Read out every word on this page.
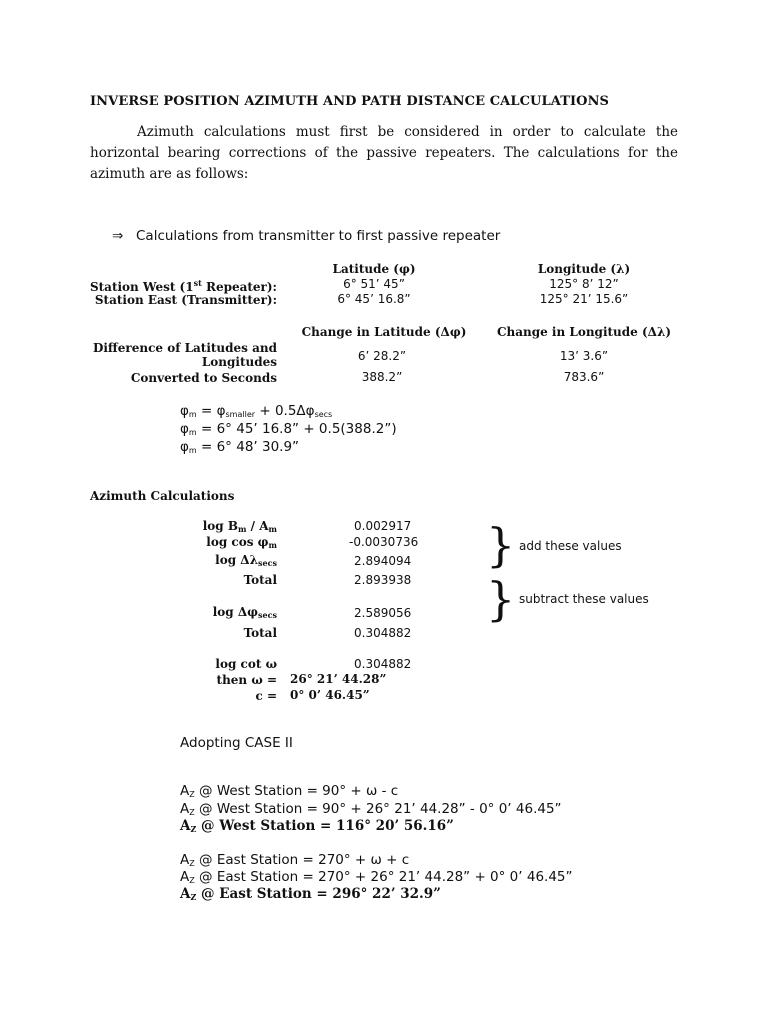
INVERSE POSITION AZIMUTH AND PATH DISTANCE CALCULATIONS
Azimuth calculations must first be considered in order to calculate the horizontal bearing corrections of the passive repeaters. The calculations for the azimuth are as follows:
⇒ Calculations from transmitter to first passive repeater
Latitude (φ)	Longitude (λ)
Station West (1st Repeater):	6° 51’ 45”	125° 8’ 12”
Station East (Transmitter):	6° 45’ 16.8”	125° 21’ 15.6”
Change in Latitude (Δφ)	Change in Longitude (Δλ)
Difference of Latitudes and
Longitudes	6’ 28.2”	13’ 3.6”
Converted to Seconds	388.2”	783.6”
$\varphi_m = \varphi_{smaller} + 0.5\Delta\varphi_{secs}$
$\varphi_m = 6^\circ$ 45’ 16.8” + 0.5(388.2”)
$\varphi_m = 6^\circ$ 48’ 30.9”
Azimuth Calculations
$\log B_m / A_m$	0.002917
$\log \cos \varphi_m$	-0.0030736
$\log \Delta\lambda_{secs}$	2.894094
Total	2.893938
$\log \Delta\varphi_{secs}$	2.589056
Total	0.304882
log cot ω	0.304882
then ω = 26° 21’ 44.28”
c = 0° 0’ 46.45”
} add these values
} subtract these values
Adopting CASE II
$A_Z$ @ West Station = 90° + ω - c
$A_Z$ @ West Station = 90° + 26° 21’ 44.28” - 0° 0’ 46.45”
$A_Z$ @ West Station = 116° 20’ 56.16”
$A_Z$ @ East Station = 270° + ω + c
$A_Z$ @ East Station = 270° + 26° 21’ 44.28” + 0° 0’ 46.45”
$A_Z$ @ East Station = 296° 22’ 32.9”
